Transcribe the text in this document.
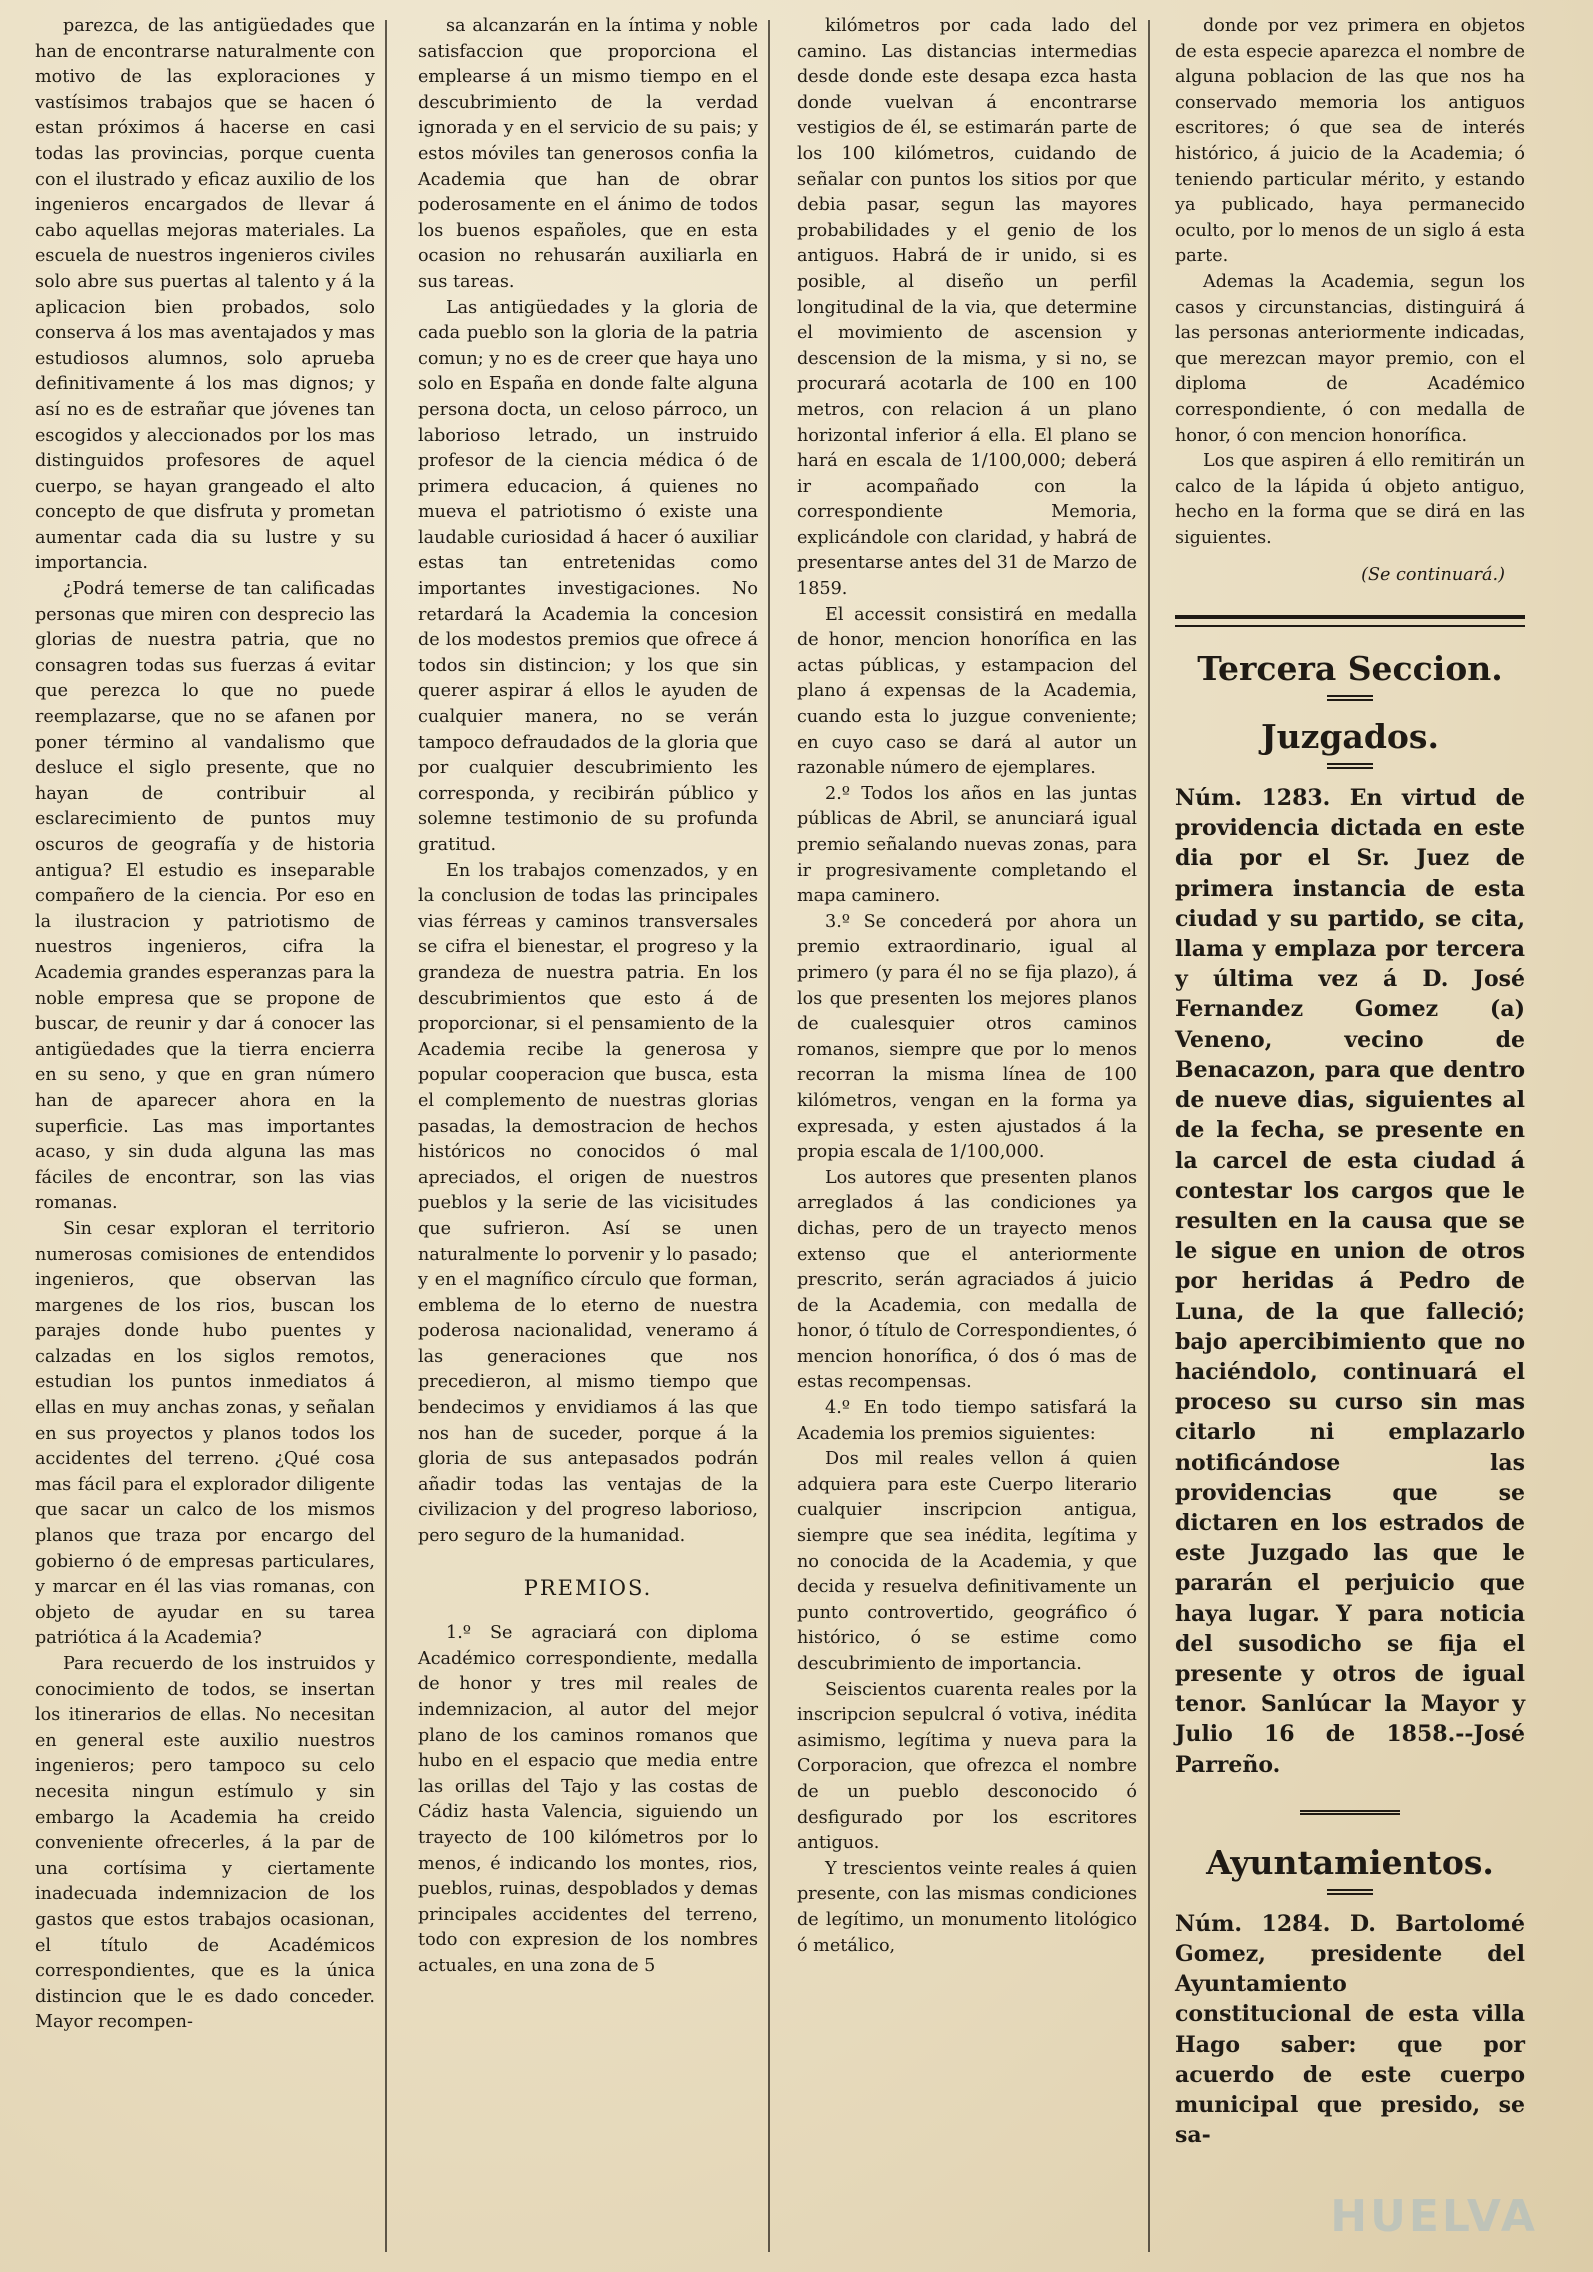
parezca, de las antigüedades que han de encontrarse naturalmente con motivo de las exploraciones y vastísimos trabajos que se hacen ó estan próximos á hacerse en casi todas las provincias, porque cuenta con el ilustrado y eficaz auxilio de los ingenieros encargados de llevar á cabo aquellas mejoras materiales. La escuela de nuestros ingenieros civiles solo abre sus puertas al talento y á la aplicacion bien probados, solo conserva á los mas aventajados y mas estudiosos alumnos, solo aprueba definitivamente á los mas dignos; y así no es de estrañar que jóvenes tan escogidos y aleccionados por los mas distinguidos profesores de aquel cuerpo, se hayan grangeado el alto concepto de que disfruta y prometan aumentar cada dia su lustre y su importancia.

¿Podrá temerse de tan calificadas personas que miren con desprecio las glorias de nuestra patria, que no consagren todas sus fuerzas á evitar que perezca lo que no puede reemplazarse, que no se afanen por poner término al vandalismo que desluce el siglo presente, que no hayan de contribuir al esclarecimiento de puntos muy oscuros de geografía y de historia antigua? El estudio es inseparable compañero de la ciencia. Por eso en la ilustracion y patriotismo de nuestros ingenieros, cifra la Academia grandes esperanzas para la noble empresa que se propone de buscar, de reunir y dar á conocer las antigüedades que la tierra encierra en su seno, y que en gran número han de aparecer ahora en la superficie. Las mas importantes acaso, y sin duda alguna las mas fáciles de encontrar, son las vias romanas.

Sin cesar exploran el territorio numerosas comisiones de entendidos ingenieros, que observan las margenes de los rios, buscan los parajes donde hubo puentes y calzadas en los siglos remotos, estudian los puntos inmediatos á ellas en muy anchas zonas, y señalan en sus proyectos y planos todos los accidentes del terreno. ¿Qué cosa mas fácil para el explorador diligente que sacar un calco de los mismos planos que traza por encargo del gobierno ó de empresas particulares, y marcar en él las vias romanas, con objeto de ayudar en su tarea patriótica á la Academia?

Para recuerdo de los instruidos y conocimiento de todos, se insertan los itinerarios de ellas. No necesitan en general este auxilio nuestros ingenieros; pero tampoco su celo necesita ningun estímulo y sin embargo la Academia ha creido conveniente ofrecerles, á la par de una cortísima y ciertamente inadecuada indemnizacion de los gastos que estos trabajos ocasionan, el título de Académicos correspondientes, que es la única distincion que le es dado conceder. Mayor recompen-

sa alcanzarán en la íntima y noble satisfaccion que proporciona el emplearse á un mismo tiempo en el descubrimiento de la verdad ignorada y en el servicio de su pais; y estos móviles tan generosos confia la Academia que han de obrar poderosamente en el ánimo de todos los buenos españoles, que en esta ocasion no rehusarán auxiliarla en sus tareas.

Las antigüedades y la gloria de cada pueblo son la gloria de la patria comun; y no es de creer que haya uno solo en España en donde falte alguna persona docta, un celoso párroco, un laborioso letrado, un instruido profesor de la ciencia médica ó de primera educacion, á quienes no mueva el patriotismo ó existe una laudable curiosidad á hacer ó auxiliar estas tan entretenidas como importantes investigaciones. No retardará la Academia la concesion de los modestos premios que ofrece á todos sin distincion; y los que sin querer aspirar á ellos le ayuden de cualquier manera, no se verán tampoco defraudados de la gloria que por cualquier descubrimiento les corresponda, y recibirán público y solemne testimonio de su profunda gratitud.

En los trabajos comenzados, y en la conclusion de todas las principales vias férreas y caminos transversales se cifra el bienestar, el progreso y la grandeza de nuestra patria. En los descubrimientos que esto á de proporcionar, si el pensamiento de la Academia recibe la generosa y popular cooperacion que busca, esta el complemento de nuestras glorias pasadas, la demostracion de hechos históricos no conocidos ó mal apreciados, el origen de nuestros pueblos y la serie de las vicisitudes que sufrieron. Así se unen naturalmente lo porvenir y lo pasado; y en el magnífico círculo que forman, emblema de lo eterno de nuestra poderosa nacionalidad, veneramo á las generaciones que nos precedieron, al mismo tiempo que bendecimos y envidiamos á las que nos han de suceder, porque á la gloria de sus antepasados podrán añadir todas las ventajas de la civilizacion y del progreso laborioso, pero seguro de la humanidad.

PREMIOS.

1.º Se agraciará con diploma Académico correspondiente, medalla de honor y tres mil reales de indemnizacion, al autor del mejor plano de los caminos romanos que hubo en el espacio que media entre las orillas del Tajo y las costas de Cádiz hasta Valencia, siguiendo un trayecto de 100 kilómetros por lo menos, é indicando los montes, rios, pueblos, ruinas, despoblados y demas principales accidentes del terreno, todo con expresion de los nombres actuales, en una zona de 5

kilómetros por cada lado del camino. Las distancias intermedias desde donde este desapa ezca hasta donde vuelvan á encontrarse vestigios de él, se estimarán parte de los 100 kilómetros, cuidando de señalar con puntos los sitios por que debia pasar, segun las mayores probabilidades y el genio de los antiguos. Habrá de ir unido, si es posible, al diseño un perfil longitudinal de la via, que determine el movimiento de ascension y descension de la misma, y si no, se procurará acotarla de 100 en 100 metros, con relacion á un plano horizontal inferior á ella. El plano se hará en escala de 1/100,000; deberá ir acompañado con la correspondiente Memoria, explicándole con claridad, y habrá de presentarse antes del 31 de Marzo de 1859.

El accessit consistirá en medalla de honor, mencion honorífica en las actas públicas, y estampacion del plano á expensas de la Academia, cuando esta lo juzgue conveniente; en cuyo caso se dará al autor un razonable número de ejemplares.

2.º Todos los años en las juntas públicas de Abril, se anunciará igual premio señalando nuevas zonas, para ir progresivamente completando el mapa caminero.

3.º Se concederá por ahora un premio extraordinario, igual al primero (y para él no se fija plazo), á los que presenten los mejores planos de cualesquier otros caminos romanos, siempre que por lo menos recorran la misma línea de 100 kilómetros, vengan en la forma ya expresada, y esten ajustados á la propia escala de 1/100,000.

Los autores que presenten planos arreglados á las condiciones ya dichas, pero de un trayecto menos extenso que el anteriormente prescrito, serán agraciados á juicio de la Academia, con medalla de honor, ó título de Correspondientes, ó mencion honorífica, ó dos ó mas de estas recompensas.

4.º En todo tiempo satisfará la Academia los premios siguientes:

Dos mil reales vellon á quien adquiera para este Cuerpo literario cualquier inscripcion antigua, siempre que sea inédita, legítima y no conocida de la Academia, y que decida y resuelva definitivamente un punto controvertido, geográfico ó histórico, ó se estime como descubrimiento de importancia.

Seiscientos cuarenta reales por la inscripcion sepulcral ó votiva, inédita asimismo, legítima y nueva para la Corporacion, que ofrezca el nombre de un pueblo desconocido ó desfigurado por los escritores antiguos.

Y trescientos veinte reales á quien presente, con las mismas condiciones de legítimo, un monumento litológico ó metálico,

donde por vez primera en objetos de esta especie aparezca el nombre de alguna poblacion de las que nos ha conservado memoria los antiguos escritores; ó que sea de interés histórico, á juicio de la Academia; ó teniendo particular mérito, y estando ya publicado, haya permanecido oculto, por lo menos de un siglo á esta parte.

Ademas la Academia, segun los casos y circunstancias, distinguirá á las personas anteriormente indicadas, que merezcan mayor premio, con el diploma de Académico correspondiente, ó con medalla de honor, ó con mencion honorífica.

Los que aspiren á ello remitirán un calco de la lápida ú objeto antiguo, hecho en la forma que se dirá en las siguientes.

(Se continuará.)

Tercera Seccion.

Juzgados.

Núm. 1283. En virtud de providencia dictada en este dia por el Sr. Juez de primera instancia de esta ciudad y su partido, se cita, llama y emplaza por tercera y última vez á D. José Fernandez Gomez (a) Veneno, vecino de Benacazon, para que dentro de nueve dias, siguientes al de la fecha, se presente en la carcel de esta ciudad á contestar los cargos que le resulten en la causa que se le sigue en union de otros por heridas á Pedro de Luna, de la que falleció; bajo apercibimiento que no haciéndolo, continuará el proceso su curso sin mas citarlo ni emplazarlo notificándose las providencias que se dictaren en los estrados de este Juzgado las que le pararán el perjuicio que haya lugar. Y para noticia del susodicho se fija el presente y otros de igual tenor. Sanlúcar la Mayor y Julio 16 de 1858.--José Parreño.

Ayuntamientos.

Núm. 1284. D. Bartolomé Gomez, presidente del Ayuntamiento constitucional de esta villa Hago saber: que por acuerdo de este cuerpo municipal que presido, se sa-

HUELVA
